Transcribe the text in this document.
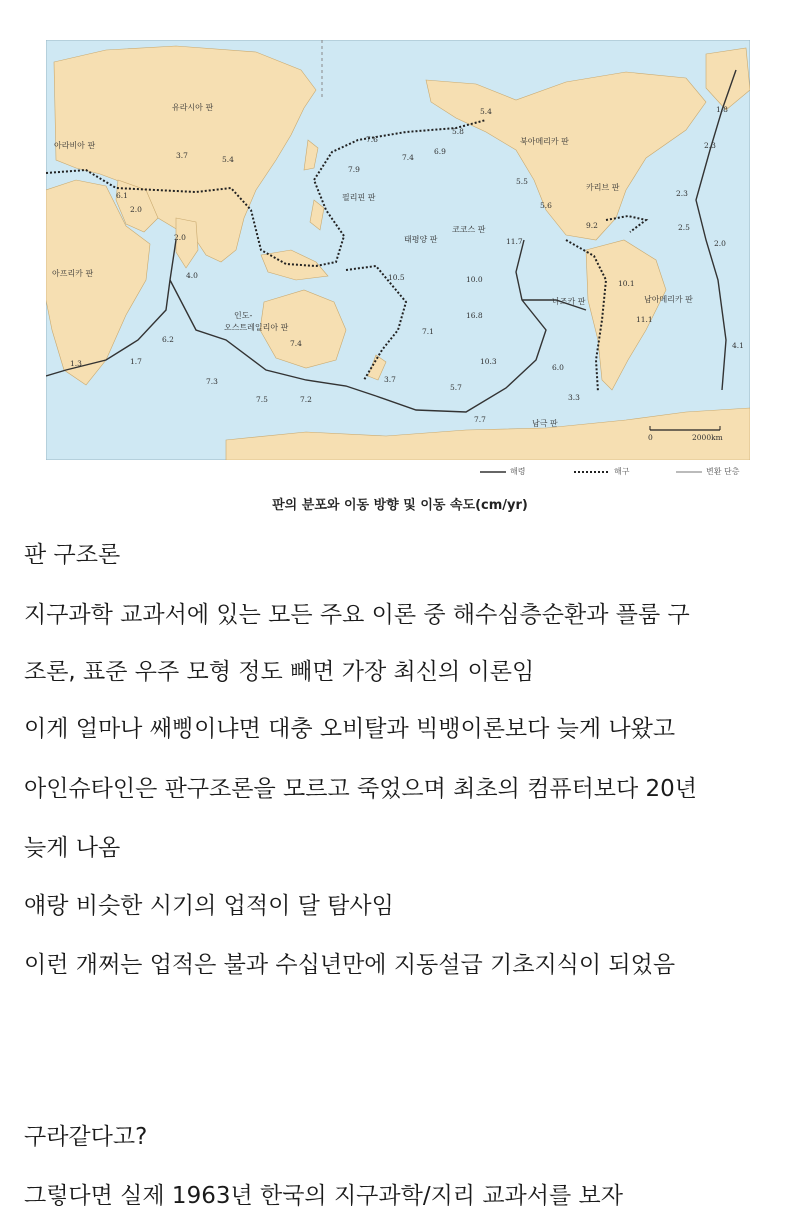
유라시아 판
아라비아 판
아프리카 판
인도-
오스트레일리아 판
필리핀 판
태평양 판
북아메리카 판
카리브 판
코코스 판
나즈카 판	남아메리카 판
남극 판
1.8
2.3
2.3
2.5
2.0
5.4
5.8
6.9
7.6
7.4
7.9
3.7	5.4
6.1
2.0
2.0
4.0
1.3	1.7
6.2
7.3
7.5
7.4
7.2
10.5
7.1
3.7
5.7
7.7
10.0
16.8
10.3
6.0
3.3
10.1
11.1
4.1
5.5
5.6
9.2
11.7
0	2000km
해령	해구	변환 단층
판의 분포와 이동 방향 및 이동 속도(cm/yr)
판 구조론
지구과학 교과서에 있는 모든 주요 이론 중 해수심층순환과 플룸 구
조론, 표준 우주 모형 정도 빼면 가장 최신의 이론임
이게 얼마나 쌔삥이냐면 대충 오비탈과 빅뱅이론보다 늦게 나왔고
아인슈타인은 판구조론을 모르고 죽었으며 최초의 컴퓨터보다 20년
늦게 나옴
얘랑 비슷한 시기의 업적이 달 탐사임
이런 개쩌는 업적은 불과 수십년만에 지동설급 기초지식이 되었음
구라같다고?
그렇다면 실제 1963년 한국의 지구과학/지리 교과서를 보자
